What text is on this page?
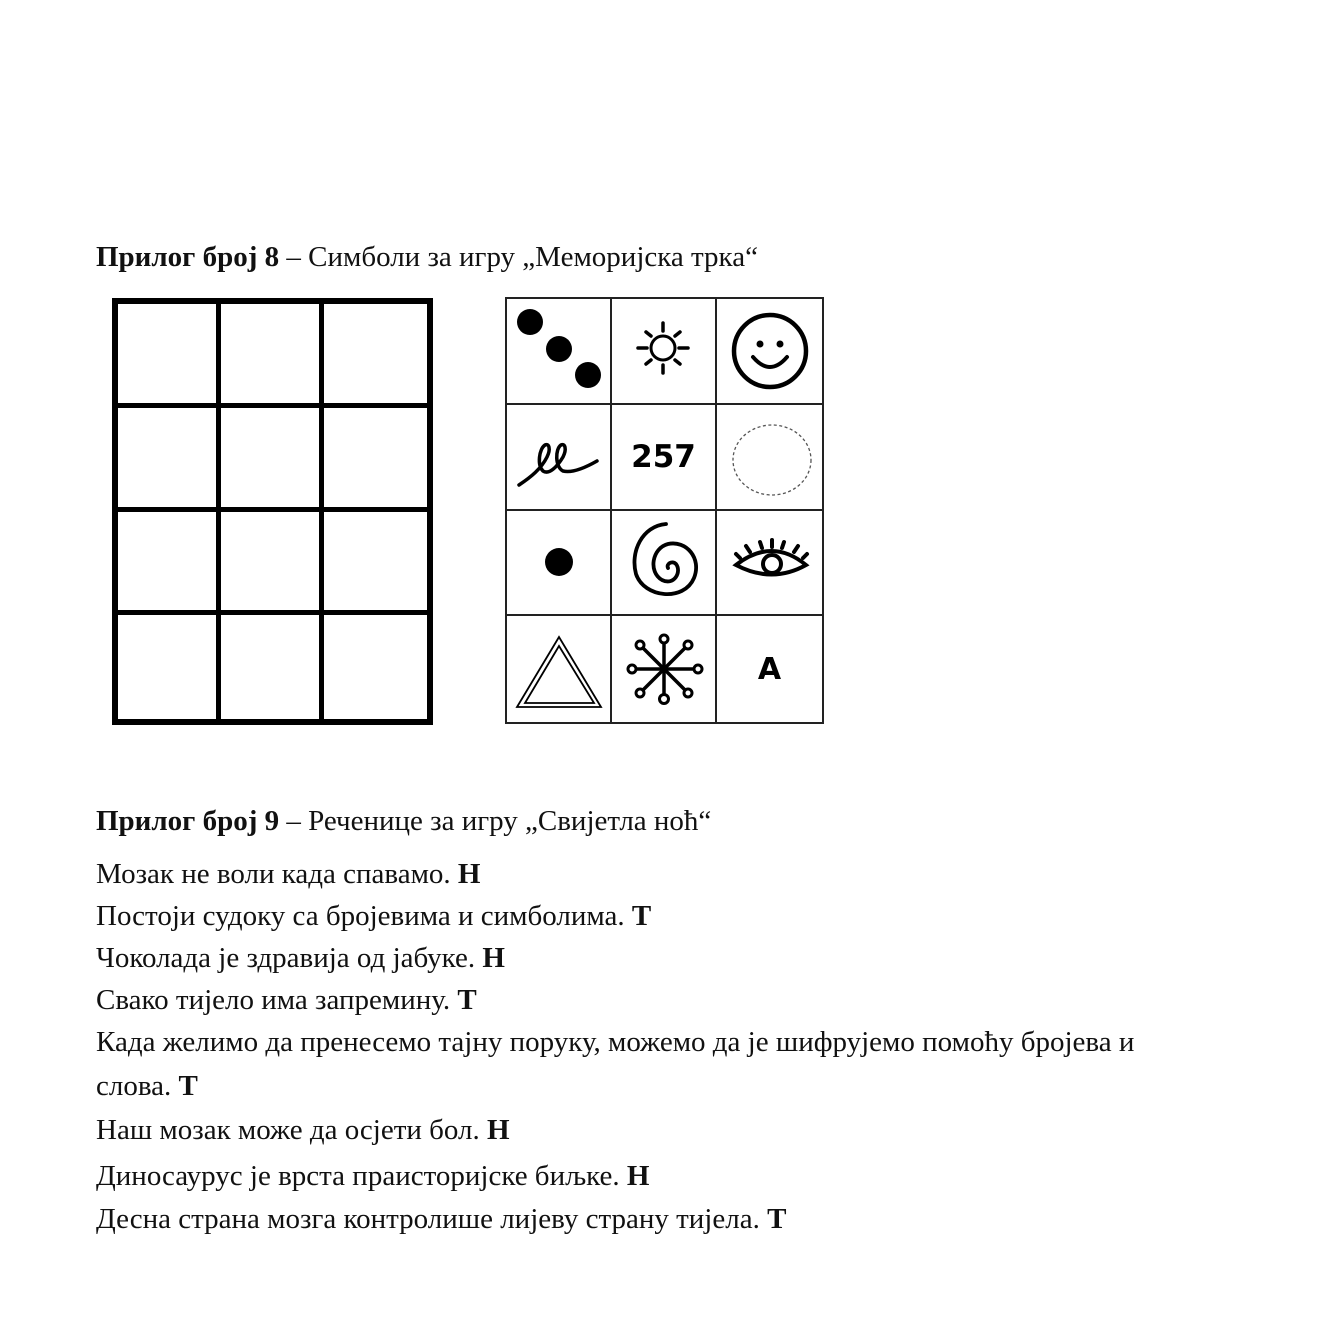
Прилог број 8 – Симболи за игру „Меморијска трка“
257
A
Прилог број 9 – Реченице за игру „Свијетла ноћ“
Мозак не воли када спавамо. Н
Постоји судоку са бројевима и симболима. Т
Чоколада је здравија од јабуке. Н
Свако тијело има запремину. Т
Када желимо да пренесемо тајну поруку, можемо да је шифрујемо помоћу бројева и
слова. Т
Наш мозак може да осјети бол. Н
Диносаурус је врста праисторијске биљке. Н
Десна страна мозга контролише лијеву страну тијела. Т
